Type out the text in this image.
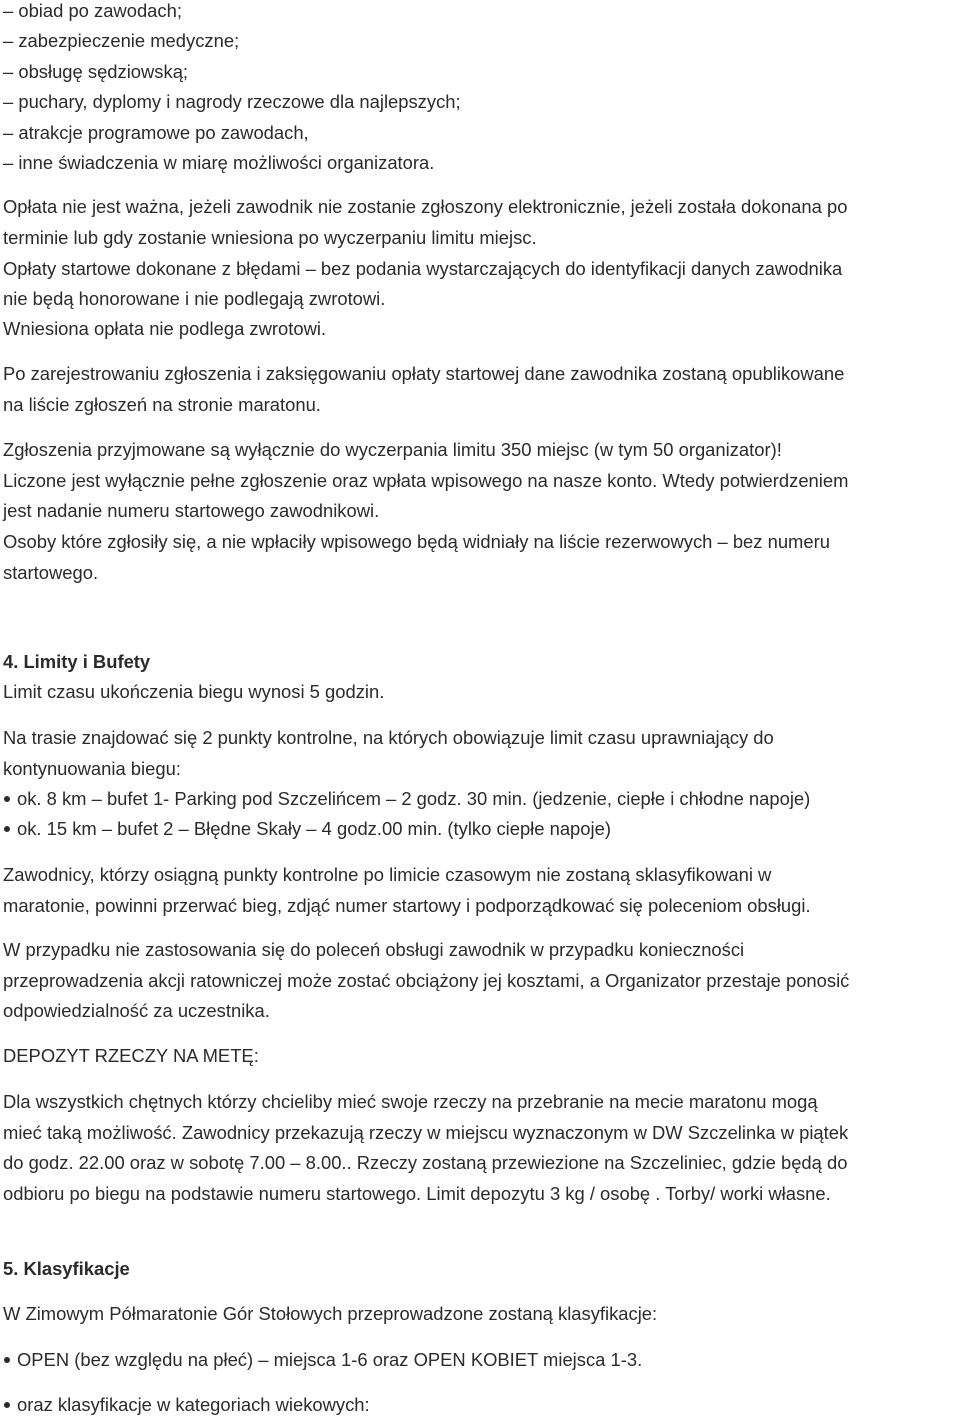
– obiad po zawodach;
– zabezpieczenie medyczne;
– obsługę sędziowską;
– puchary, dyplomy i nagrody rzeczowe dla najlepszych;
– atrakcje programowe po zawodach,
– inne świadczenia w miarę możliwości organizatora.
Opłata nie jest ważna, jeżeli zawodnik nie zostanie zgłoszony elektronicznie, jeżeli została dokonana po
terminie lub gdy zostanie wniesiona po wyczerpaniu limitu miejsc.
Opłaty startowe dokonane z błędami – bez podania wystarczających do identyfikacji danych zawodnika
nie będą honorowane i nie podlegają zwrotowi.
Wniesiona opłata nie podlega zwrotowi.
Po zarejestrowaniu zgłoszenia i zaksięgowaniu opłaty startowej dane zawodnika zostaną opublikowane
na liście zgłoszeń na stronie maratonu.
Zgłoszenia przyjmowane są wyłącznie do wyczerpania limitu 350 miejsc (w tym 50 organizator)!
Liczone jest wyłącznie pełne zgłoszenie oraz wpłata wpisowego na nasze konto. Wtedy potwierdzeniem
jest nadanie numeru startowego zawodnikowi.
Osoby które zgłosiły się, a nie wpłaciły wpisowego będą widniały na liście rezerwowych – bez numeru
startowego.
4. Limity i Bufety
Limit czasu ukończenia biegu wynosi 5 godzin.
Na trasie znajdować się 2 punkty kontrolne, na których obowiązuje limit czasu uprawniający do
kontynuowania biegu:
ok. 8 km – bufet 1- Parking pod Szczelińcem – 2 godz. 30 min. (jedzenie, ciepłe i chłodne napoje)
ok. 15 km – bufet 2 – Błędne Skały – 4 godz.00 min. (tylko ciepłe napoje)
Zawodnicy, którzy osiągną punkty kontrolne po limicie czasowym nie zostaną sklasyfikowani w
maratonie, powinni przerwać bieg, zdjąć numer startowy i podporządkować się poleceniom obsługi.
W przypadku nie zastosowania się do poleceń obsługi zawodnik w przypadku konieczności
przeprowadzenia akcji ratowniczej może zostać obciążony jej kosztami, a Organizator przestaje ponosić
odpowiedzialność za uczestnika.
DEPOZYT RZECZY NA METĘ:
Dla wszystkich chętnych którzy chcieliby mieć swoje rzeczy na przebranie na mecie maratonu mogą
mieć taką możliwość. Zawodnicy przekazują rzeczy w miejscu wyznaczonym w DW Szczelinka w piątek
do godz. 22.00 oraz w sobotę 7.00 – 8.00.. Rzeczy zostaną przewiezione na Szczeliniec, gdzie będą do
odbioru po biegu na podstawie numeru startowego. Limit depozytu 3 kg / osobę . Torby/ worki własne.
5. Klasyfikacje
W Zimowym Półmaratonie Gór Stołowych przeprowadzone zostaną klasyfikacje:
OPEN (bez względu na płeć) – miejsca 1-6 oraz OPEN KOBIET miejsca 1-3.
oraz klasyfikacje w kategoriach wiekowych:
